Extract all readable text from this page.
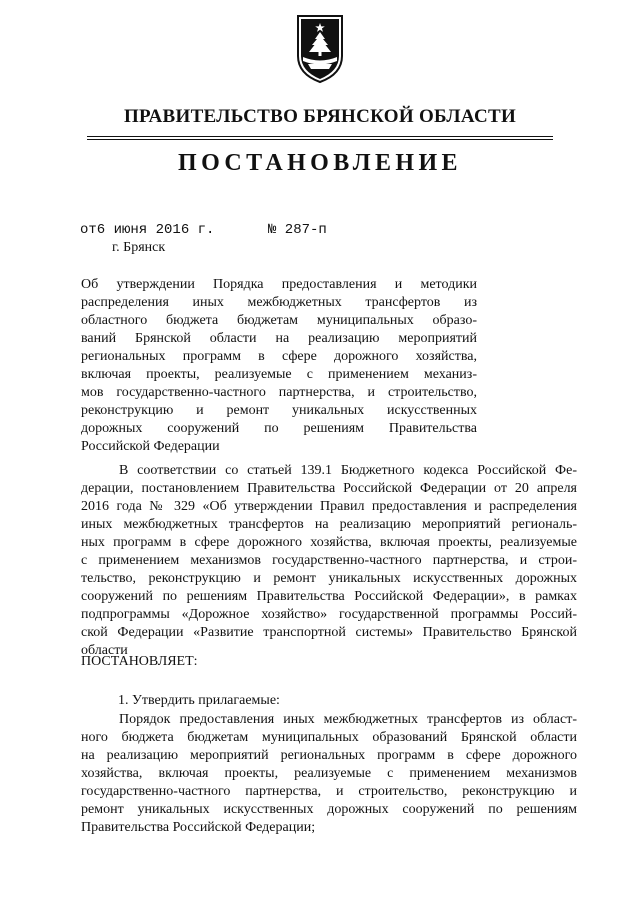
ПРАВИТЕЛЬСТВО БРЯНСКОЙ ОБЛАСТИ
ПОСТАНОВЛЕНИЕ
от6 июня 2016 г.	№ 287-п
г. Брянск
Об утверждении Порядка предоставления и методики
распределения иных межбюджетных трансфертов из
областного бюджета бюджетам муниципальных образо-
ваний Брянской области на реализацию мероприятий
региональных программ в сфере дорожного хозяйства,
включая проекты, реализуемые с применением механиз-
мов государственно-частного партнерства, и строительство,
реконструкцию и ремонт уникальных искусственных
дорожных сооружений по решениям Правительства
Российской Федерации
В соответствии со статьей 139.1 Бюджетного кодекса Российской Фе-
дерации, постановлением Правительства Российской Федерации от 20 апреля
2016 года № 329 «Об утверждении Правил предоставления и распределения
иных межбюджетных трансфертов на реализацию мероприятий региональ-
ных программ в сфере дорожного хозяйства, включая проекты, реализуемые
с применением механизмов государственно-частного партнерства, и строи-
тельство, реконструкцию и ремонт уникальных искусственных дорожных
сооружений по решениям Правительства Российской Федерации», в рамках
подпрограммы «Дорожное хозяйство» государственной программы Россий-
ской Федерации «Развитие транспортной системы» Правительство Брянской
области
ПОСТАНОВЛЯЕТ:
1. Утвердить прилагаемые:
Порядок предоставления иных межбюджетных трансфертов из област-
ного бюджета бюджетам муниципальных образований Брянской области
на реализацию мероприятий региональных программ в сфере дорожного
хозяйства, включая проекты, реализуемые с применением механизмов
государственно-частного партнерства, и строительство, реконструкцию и
ремонт уникальных искусственных дорожных сооружений по решениям
Правительства Российской Федерации;
